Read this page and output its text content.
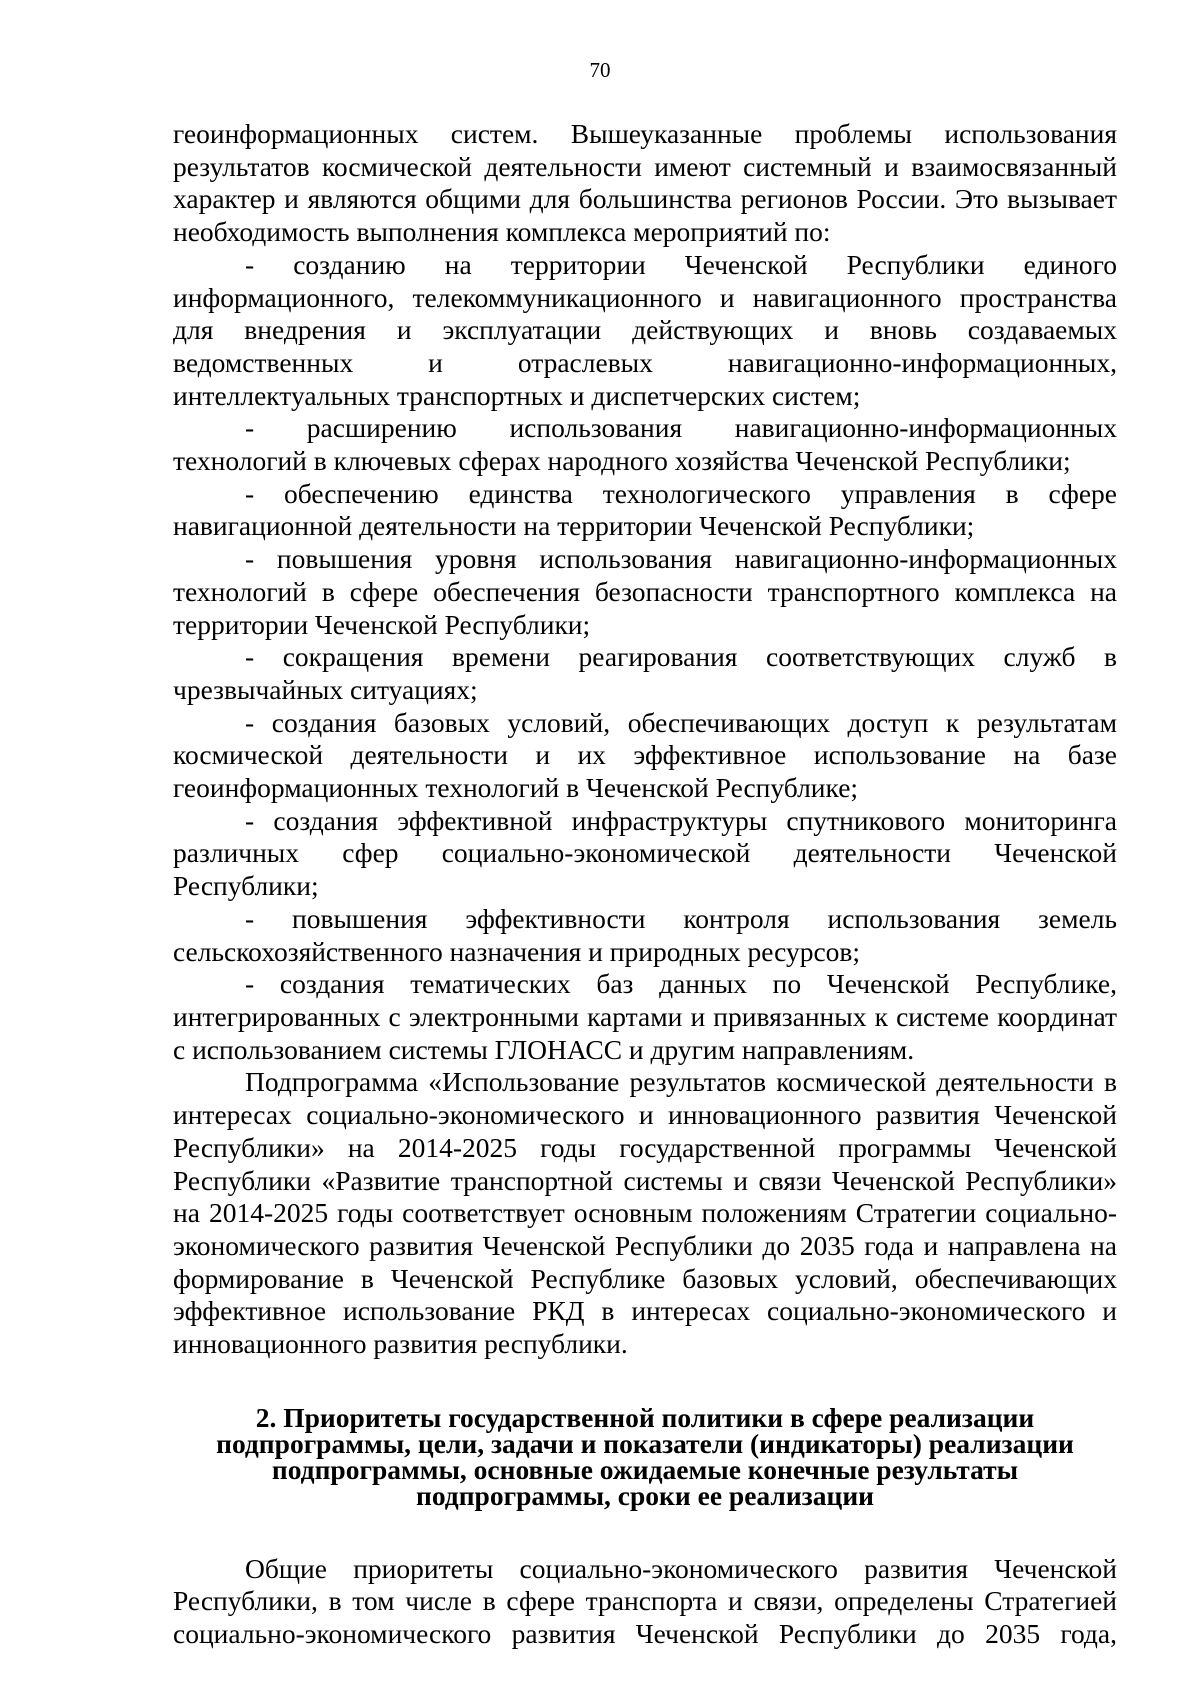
70

геоинформационных систем. Вышеуказанные проблемы использования результатов космической деятельности имеют системный и взаимосвязанный характер и являются общими для большинства регионов России. Это вызывает необходимость выполнения комплекса мероприятий по:

- созданию на территории Чеченской Республики единого информационного, телекоммуникационного и навигационного пространства для внедрения и эксплуатации действующих и вновь создаваемых ведомственных и отраслевых навигационно-информационных, интеллектуальных транспортных и диспетчерских систем;

- расширению использования навигационно-информационных технологий в ключевых сферах народного хозяйства Чеченской Республики;

- обеспечению единства технологического управления в сфере навигационной деятельности на территории Чеченской Республики;

- повышения уровня использования навигационно-информационных технологий в сфере обеспечения безопасности транспортного комплекса на территории Чеченской Республики;

- сокращения времени реагирования соответствующих служб в чрезвычайных ситуациях;

- создания базовых условий, обеспечивающих доступ к результатам космической деятельности и их эффективное использование на базе геоинформационных технологий в Чеченской Республике;

- создания эффективной инфраструктуры спутникового мониторинга различных сфер социально-экономической деятельности Чеченской Республики;

- повышения эффективности контроля использования земель сельскохозяйственного назначения и природных ресурсов;

- создания тематических баз данных по Чеченской Республике, интегрированных с электронными картами и привязанных к системе координат с использованием системы ГЛОНАСС и другим направлениям.

Подпрограмма «Использование результатов космической деятельности в интересах социально-экономического и инновационного развития Чеченской Республики» на 2014-2025 годы государственной программы Чеченской Республики «Развитие транспортной системы и связи Чеченской Республики» на 2014-2025 годы соответствует основным положениям Стратегии социально-экономического развития Чеченской Республики до 2035 года и направлена на формирование в Чеченской Республике базовых условий, обеспечивающих эффективное использование РКД в интересах социально-экономического и инновационного развития республики.

2. Приоритеты государственной политики в сфере реализации подпрограммы, цели, задачи и показатели (индикаторы) реализации подпрограммы, основные ожидаемые конечные результаты подпрограммы, сроки ее реализации

Общие приоритеты социально-экономического развития Чеченской Республики, в том числе в сфере транспорта и связи, определены Стратегией социально-экономического развития Чеченской Республики до 2035 года,
